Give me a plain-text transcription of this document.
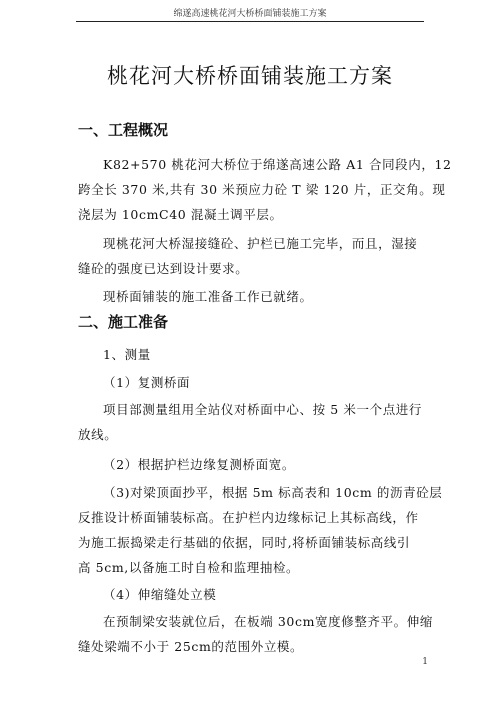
绵遂高速桃花河大桥桥面铺装施工方案
桃花河大桥桥面铺装施工方案
一、工程概况
K82+570 桃花河大桥位于绵遂高速公路 A1 合同段内，12
跨全长 370 米,共有 30 米预应力砼 T 梁 120 片，正交角。现
浇层为 10cmC40 混凝土调平层。
现桃花河大桥湿接缝砼、护栏已施工完毕，而且，湿接
缝砼的强度已达到设计要求。
现桥面铺装的施工准备工作已就绪。
二、施工准备
1、测量
（1）复测桥面
项目部测量组用全站仪对桥面中心、按 5 米一个点进行
放线。
（2）根据护栏边缘复测桥面宽。
（3)对梁顶面抄平，根据 5m 标高表和 10cm 的沥青砼层
反推设计桥面铺装标高。在护栏内边缘标记上其标高线，作
为施工振捣梁走行基础的依据，同时,将桥面铺装标高线引
高 5cm,以备施工时自检和监理抽检。
（4）伸缩缝处立模
在预制梁安装就位后，在板端 30cm宽度修整齐平。伸缩
缝处梁端不小于 25cm的范围外立模。
1
